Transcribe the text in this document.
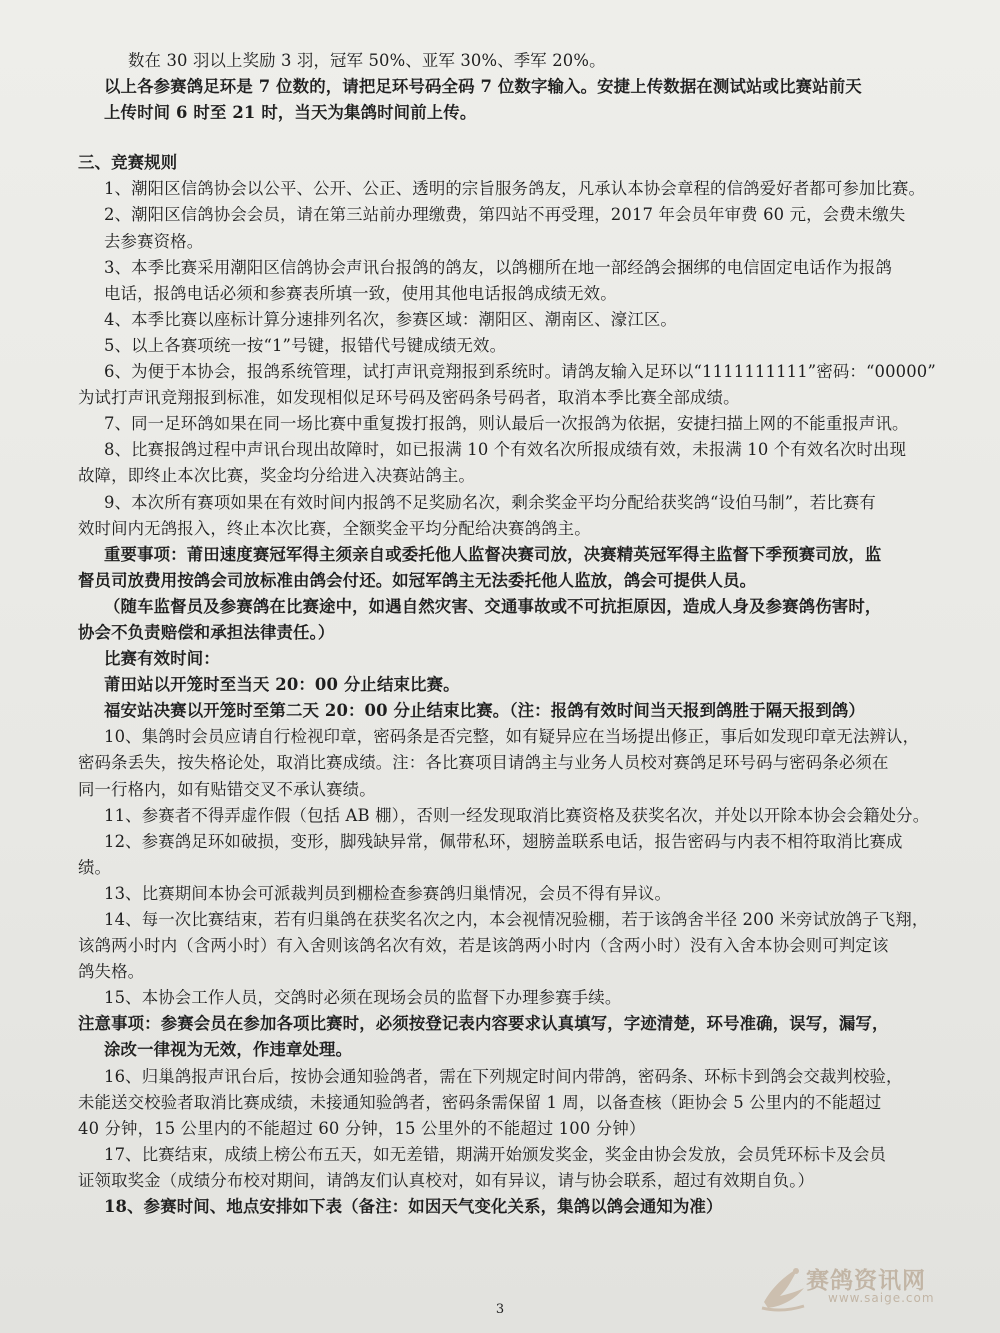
数在 30 羽以上奖励 3 羽，冠军 50%、亚军 30%、季军 20%。
以上各参赛鸽足环是 7 位数的，请把足环号码全码 7 位数字输入。安捷上传数据在测试站或比赛站前天
上传时间 6 时至 21 时，当天为集鸽时间前上传。
三、竞赛规则
1、潮阳区信鸽协会以公平、公开、公正、透明的宗旨服务鸽友，凡承认本协会章程的信鸽爱好者都可参加比赛。
2、潮阳区信鸽协会会员，请在第三站前办理缴费，第四站不再受理，2017 年会员年审费 60 元，会费未缴失
去参赛资格。
3、本季比赛采用潮阳区信鸽协会声讯台报鸽的鸽友，以鸽棚所在地一部经鸽会捆绑的电信固定电话作为报鸽
电话，报鸽电话必须和参赛表所填一致，使用其他电话报鸽成绩无效。
4、本季比赛以座标计算分速排列名次，参赛区域：潮阳区、潮南区、濠江区。
5、以上各赛项统一按“1”号键，报错代号键成绩无效。
6、为便于本协会，报鸽系统管理，试打声讯竞翔报到系统时。请鸽友输入足环以“1111111111”密码：“00000”
为试打声讯竞翔报到标准，如发现相似足环号码及密码条号码者，取消本季比赛全部成绩。
7、同一足环鸽如果在同一场比赛中重复拨打报鸽，则认最后一次报鸽为依据，安捷扫描上网的不能重报声讯。
8、比赛报鸽过程中声讯台现出故障时，如已报满 10 个有效名次所报成绩有效，未报满 10 个有效名次时出现
故障，即终止本次比赛，奖金均分给进入决赛站鸽主。
9、本次所有赛项如果在有效时间内报鸽不足奖励名次，剩余奖金平均分配给获奖鸽“设伯马制”，若比赛有
效时间内无鸽报入，终止本次比赛，全额奖金平均分配给决赛鸽鸽主。
重要事项：莆田速度赛冠军得主须亲自或委托他人监督决赛司放，决赛精英冠军得主监督下季预赛司放，监
督员司放费用按鸽会司放标准由鸽会付还。如冠军鸽主无法委托他人监放，鸽会可提供人员。
（随车监督员及参赛鸽在比赛途中，如遇自然灾害、交通事故或不可抗拒原因，造成人身及参赛鸽伤害时，
协会不负责赔偿和承担法律责任。）
比赛有效时间：
莆田站以开笼时至当天 20：00 分止结束比赛。
福安站决赛以开笼时至第二天 20：00 分止结束比赛。（注：报鸽有效时间当天报到鸽胜于隔天报到鸽）
10、集鸽时会员应请自行检视印章，密码条是否完整，如有疑异应在当场提出修正，事后如发现印章无法辨认，
密码条丢失，按失格论处，取消比赛成绩。注：各比赛项目请鸽主与业务人员校对赛鸽足环号码与密码条必须在
同一行格内，如有贴错交叉不承认赛绩。
11、参赛者不得弄虚作假（包括 AB 棚），否则一经发现取消比赛资格及获奖名次，并处以开除本协会会籍处分。
12、参赛鸽足环如破损，变形，脚残缺异常，佩带私环，翅膀盖联系电话，报告密码与内表不相符取消比赛成
绩。
13、比赛期间本协会可派裁判员到棚检查参赛鸽归巢情况，会员不得有异议。
14、每一次比赛结束，若有归巢鸽在获奖名次之内，本会视情况验棚，若于该鸽舍半径 200 米旁试放鸽子飞翔，
该鸽两小时内（含两小时）有入舍则该鸽名次有效，若是该鸽两小时内（含两小时）没有入舍本协会则可判定该
鸽失格。
15、本协会工作人员，交鸽时必须在现场会员的监督下办理参赛手续。
注意事项：参赛会员在参加各项比赛时，必须按登记表内容要求认真填写，字迹清楚，环号准确，误写，漏写，
涂改一律视为无效，作违章处理。
16、归巢鸽报声讯台后，按协会通知验鸽者，需在下列规定时间内带鸽，密码条、环标卡到鸽会交裁判校验，
未能送交校验者取消比赛成绩，未接通知验鸽者，密码条需保留 1 周，以备查核（距协会 5 公里内的不能超过
40 分钟，15 公里内的不能超过 60 分钟，15 公里外的不能超过 100 分钟）
17、比赛结束，成绩上榜公布五天，如无差错，期满开始颁发奖金，奖金由协会发放，会员凭环标卡及会员
证领取奖金（成绩分布校对期间，请鸽友们认真校对，如有异议，请与协会联系，超过有效期自负。）
18、参赛时间、地点安排如下表（备注：如因天气变化关系，集鸽以鸽会通知为准）
3
赛鸽资讯网
www.saige.com
